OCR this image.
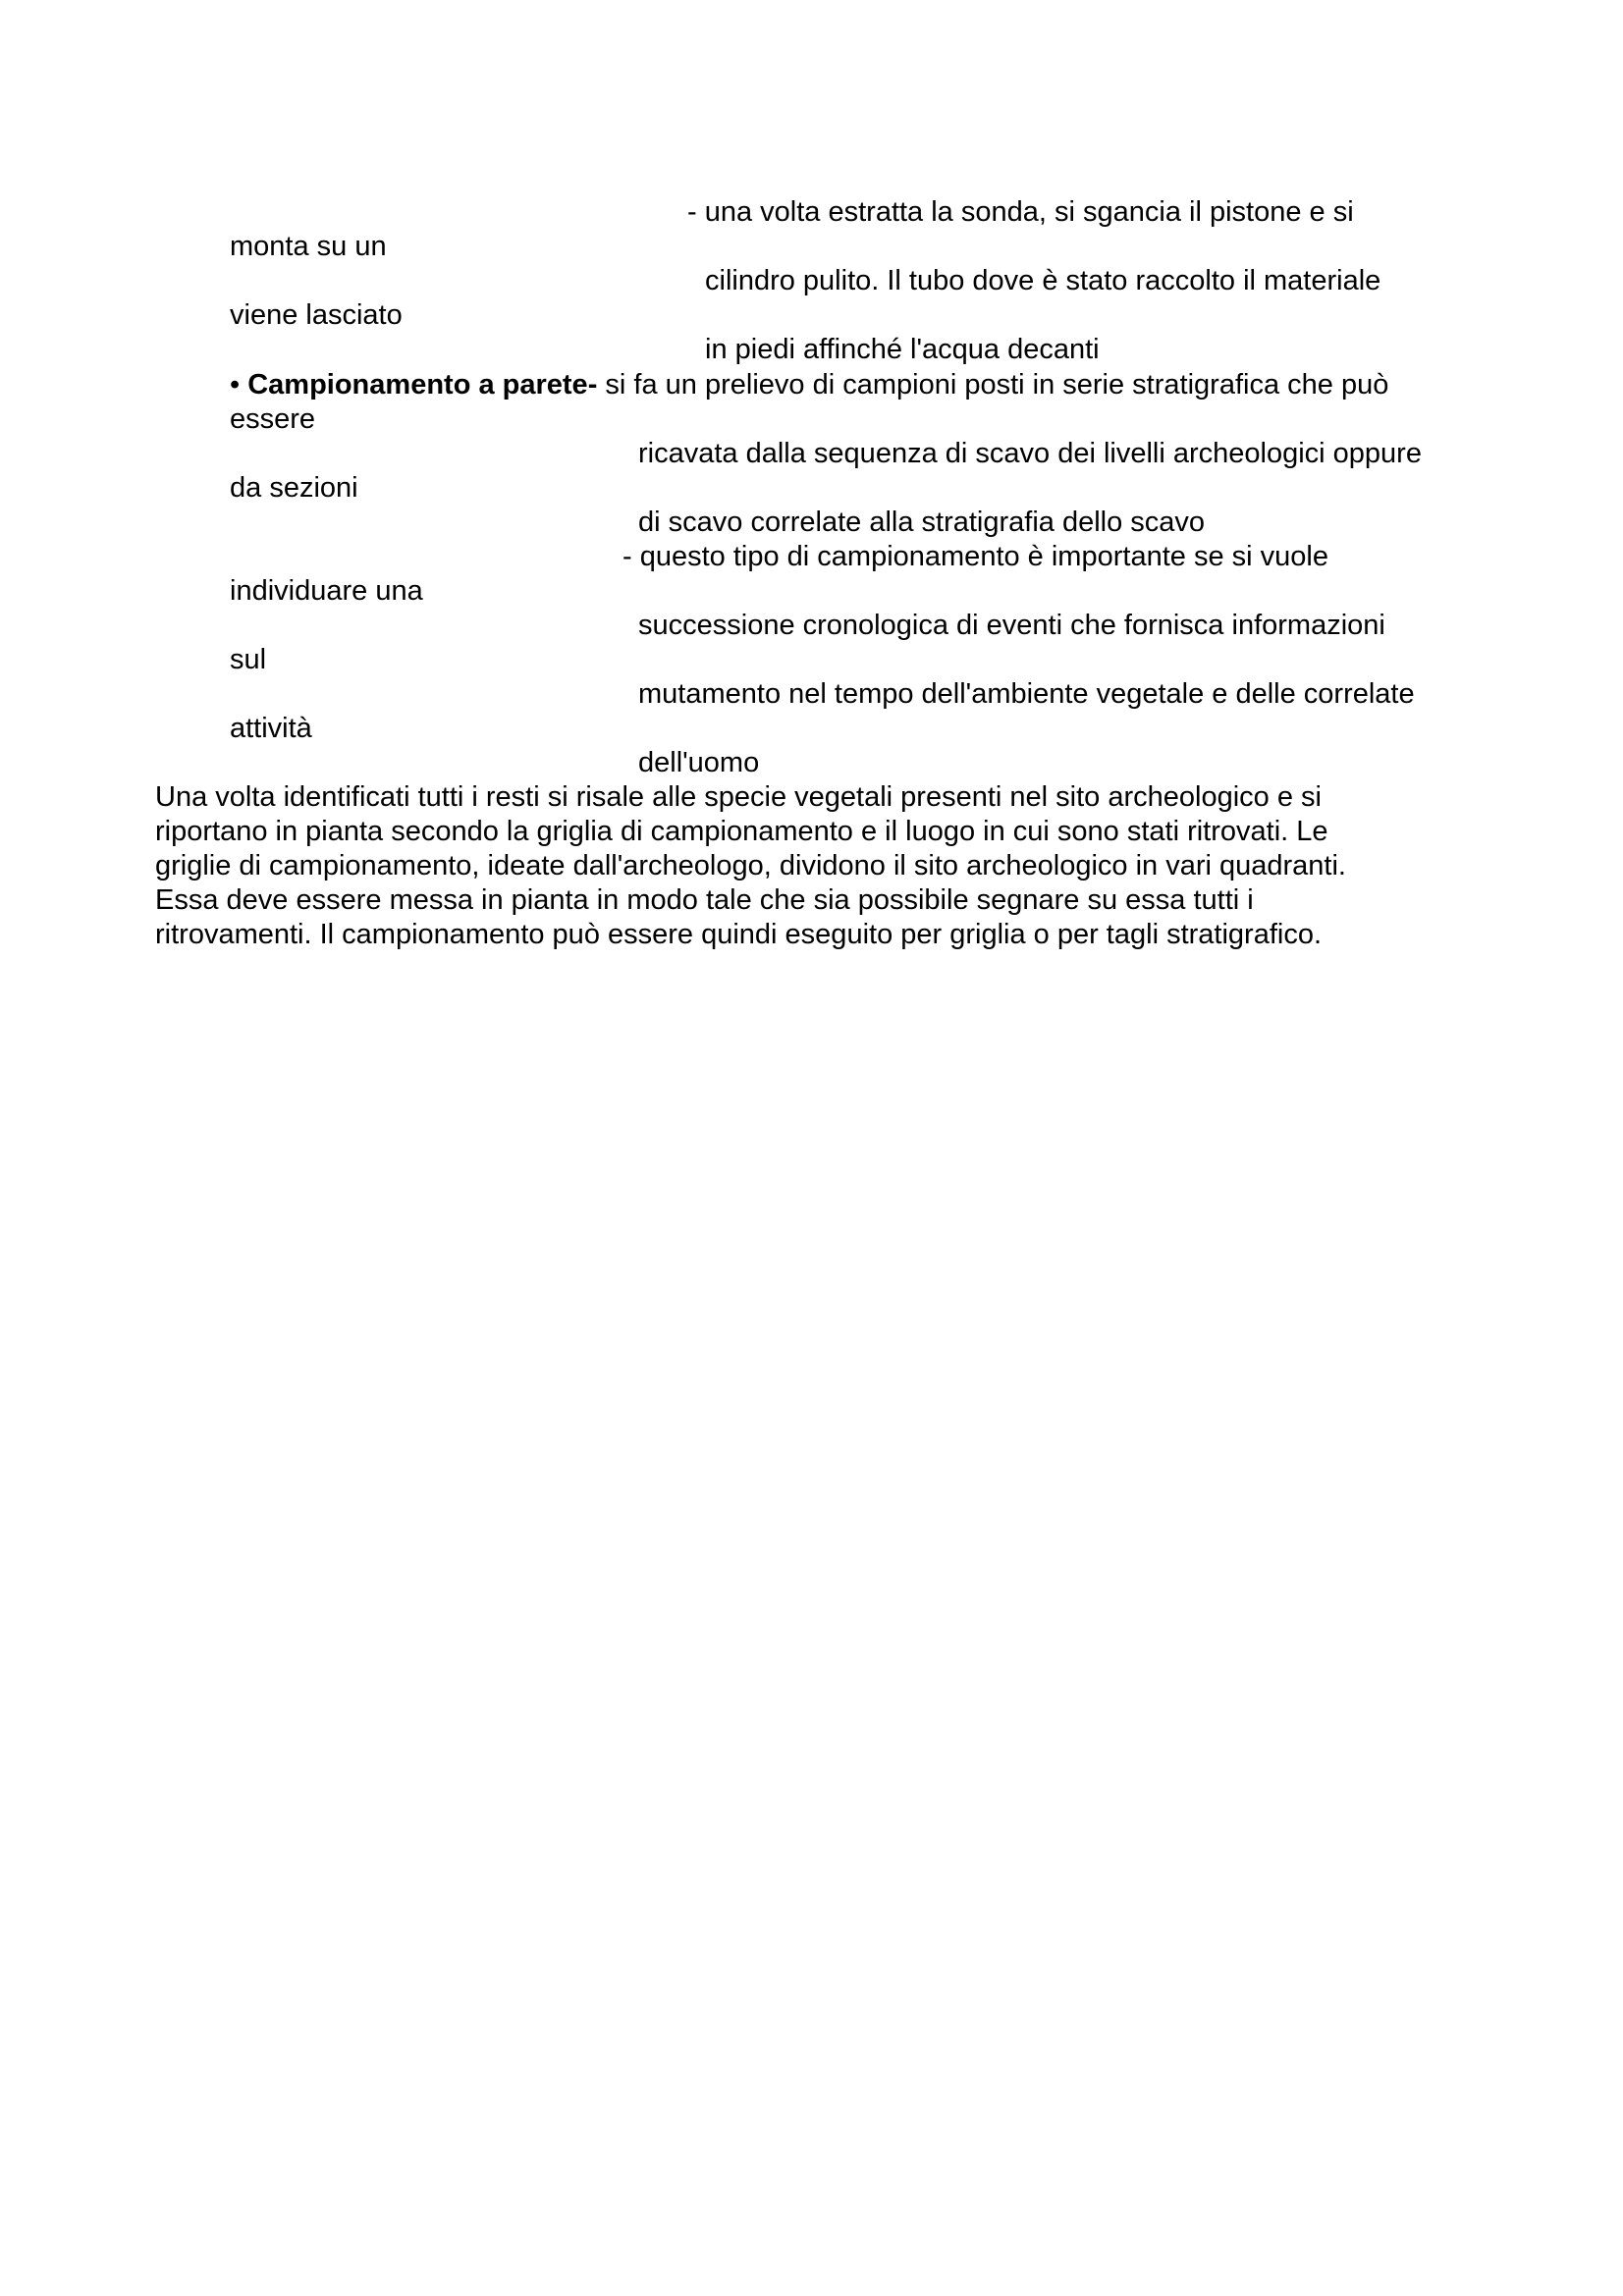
- una volta estratta la sonda, si sgancia il pistone e si
monta su un
cilindro pulito. Il tubo dove è stato raccolto il materiale
viene lasciato
in piedi affinché l'acqua decanti
• Campionamento a parete- si fa un prelievo di campioni posti in serie stratigrafica che può
essere
ricavata dalla sequenza di scavo dei livelli archeologici oppure
da sezioni
di scavo correlate alla stratigrafia dello scavo
- questo tipo di campionamento è importante se si vuole
individuare una
successione cronologica di eventi che fornisca informazioni
sul
mutamento nel tempo dell'ambiente vegetale e delle correlate
attività
dell'uomo
Una volta identificati tutti i resti si risale alle specie vegetali presenti nel sito archeologico e si
riportano in pianta secondo la griglia di campionamento e il luogo in cui sono stati ritrovati. Le
griglie di campionamento, ideate dall'archeologo, dividono il sito archeologico in vari quadranti.
Essa deve essere messa in pianta in modo tale che sia possibile segnare su essa tutti i
ritrovamenti. Il campionamento può essere quindi eseguito per griglia o per tagli stratigrafico.
